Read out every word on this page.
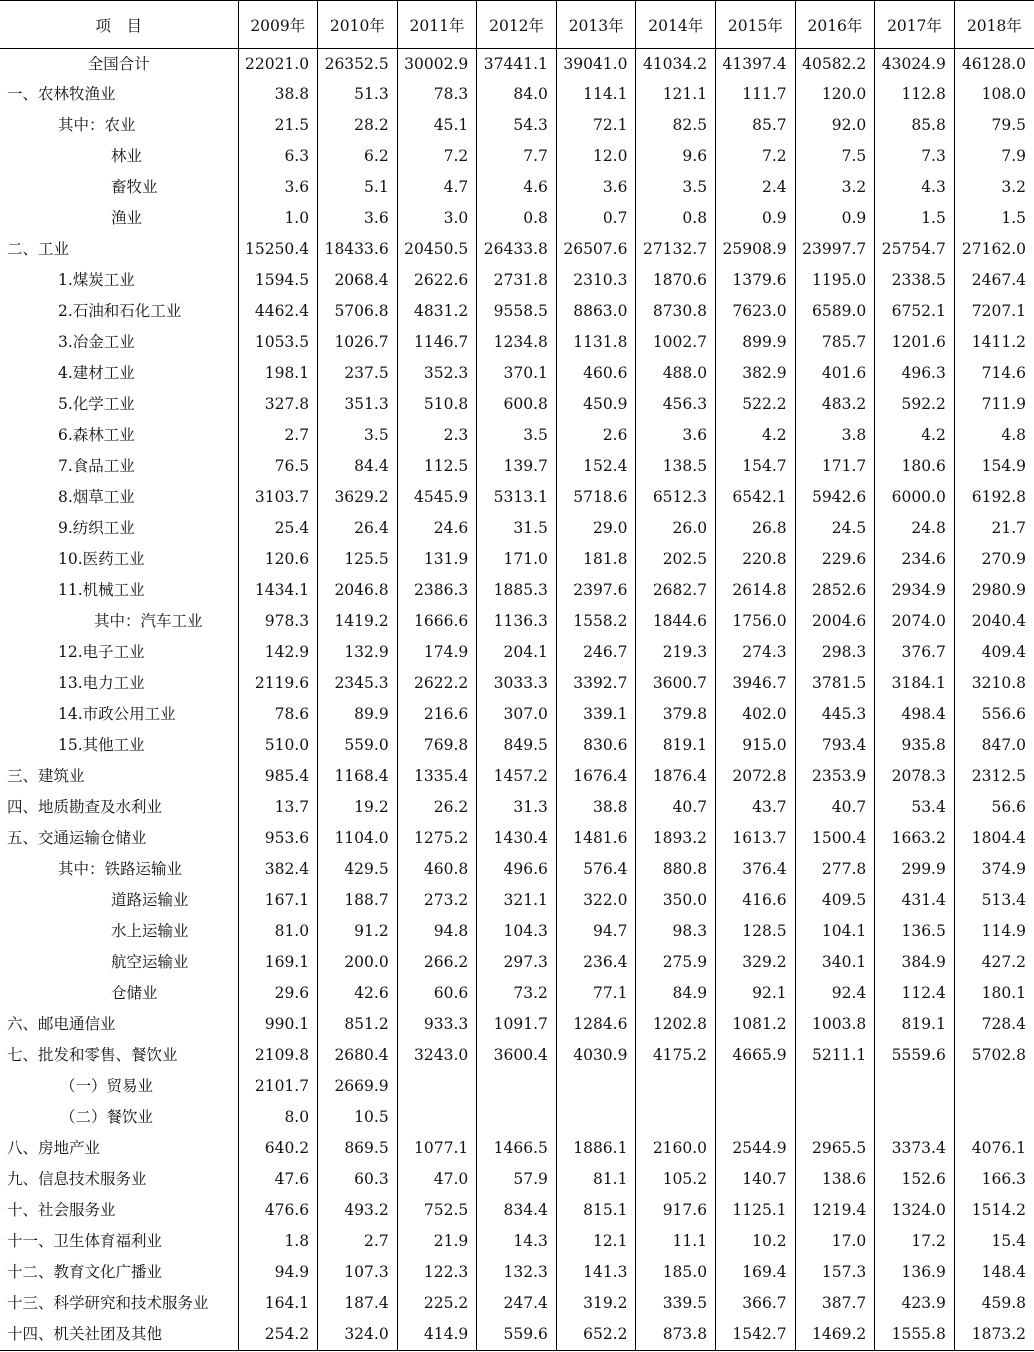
项　目	2009年	2010年	2011年	2012年	2013年	2014年	2015年	2016年	2017年	2018年
全国合计	22021.0	26352.5	30002.9	37441.1	39041.0	41034.2	41397.4	40582.2	43024.9	46128.0
一、农林牧渔业	38.8	51.3	78.3	84.0	114.1	121.1	111.7	120.0	112.8	108.0
其中：农业	21.5	28.2	45.1	54.3	72.1	82.5	85.7	92.0	85.8	79.5
林业	6.3	6.2	7.2	7.7	12.0	9.6	7.2	7.5	7.3	7.9
畜牧业	3.6	5.1	4.7	4.6	3.6	3.5	2.4	3.2	4.3	3.2
渔业	1.0	3.6	3.0	0.8	0.7	0.8	0.9	0.9	1.5	1.5
二、工业	15250.4	18433.6	20450.5	26433.8	26507.6	27132.7	25908.9	23997.7	25754.7	27162.0
1.煤炭工业	1594.5	2068.4	2622.6	2731.8	2310.3	1870.6	1379.6	1195.0	2338.5	2467.4
2.石油和石化工业	4462.4	5706.8	4831.2	9558.5	8863.0	8730.8	7623.0	6589.0	6752.1	7207.1
3.冶金工业	1053.5	1026.7	1146.7	1234.8	1131.8	1002.7	899.9	785.7	1201.6	1411.2
4.建材工业	198.1	237.5	352.3	370.1	460.6	488.0	382.9	401.6	496.3	714.6
5.化学工业	327.8	351.3	510.8	600.8	450.9	456.3	522.2	483.2	592.2	711.9
6.森林工业	2.7	3.5	2.3	3.5	2.6	3.6	4.2	3.8	4.2	4.8
7.食品工业	76.5	84.4	112.5	139.7	152.4	138.5	154.7	171.7	180.6	154.9
8.烟草工业	3103.7	3629.2	4545.9	5313.1	5718.6	6512.3	6542.1	5942.6	6000.0	6192.8
9.纺织工业	25.4	26.4	24.6	31.5	29.0	26.0	26.8	24.5	24.8	21.7
10.医药工业	120.6	125.5	131.9	171.0	181.8	202.5	220.8	229.6	234.6	270.9
11.机械工业	1434.1	2046.8	2386.3	1885.3	2397.6	2682.7	2614.8	2852.6	2934.9	2980.9
其中：汽车工业	978.3	1419.2	1666.6	1136.3	1558.2	1844.6	1756.0	2004.6	2074.0	2040.4
12.电子工业	142.9	132.9	174.9	204.1	246.7	219.3	274.3	298.3	376.7	409.4
13.电力工业	2119.6	2345.3	2622.2	3033.3	3392.7	3600.7	3946.7	3781.5	3184.1	3210.8
14.市政公用工业	78.6	89.9	216.6	307.0	339.1	379.8	402.0	445.3	498.4	556.6
15.其他工业	510.0	559.0	769.8	849.5	830.6	819.1	915.0	793.4	935.8	847.0
三、建筑业	985.4	1168.4	1335.4	1457.2	1676.4	1876.4	2072.8	2353.9	2078.3	2312.5
四、地质勘查及水利业	13.7	19.2	26.2	31.3	38.8	40.7	43.7	40.7	53.4	56.6
五、交通运输仓储业	953.6	1104.0	1275.2	1430.4	1481.6	1893.2	1613.7	1500.4	1663.2	1804.4
其中：铁路运输业	382.4	429.5	460.8	496.6	576.4	880.8	376.4	277.8	299.9	374.9
道路运输业	167.1	188.7	273.2	321.1	322.0	350.0	416.6	409.5	431.4	513.4
水上运输业	81.0	91.2	94.8	104.3	94.7	98.3	128.5	104.1	136.5	114.9
航空运输业	169.1	200.0	266.2	297.3	236.4	275.9	329.2	340.1	384.9	427.2
仓储业	29.6	42.6	60.6	73.2	77.1	84.9	92.1	92.4	112.4	180.1
六、邮电通信业	990.1	851.2	933.3	1091.7	1284.6	1202.8	1081.2	1003.8	819.1	728.4
七、批发和零售、餐饮业	2109.8	2680.4	3243.0	3600.4	4030.9	4175.2	4665.9	5211.1	5559.6	5702.8
（一）贸易业	2101.7	2669.9								
（二）餐饮业	8.0	10.5								
八、房地产业	640.2	869.5	1077.1	1466.5	1886.1	2160.0	2544.9	2965.5	3373.4	4076.1
九、信息技术服务业	47.6	60.3	47.0	57.9	81.1	105.2	140.7	138.6	152.6	166.3
十、社会服务业	476.6	493.2	752.5	834.4	815.1	917.6	1125.1	1219.4	1324.0	1514.2
十一、卫生体育福利业	1.8	2.7	21.9	14.3	12.1	11.1	10.2	17.0	17.2	15.4
十二、教育文化广播业	94.9	107.3	122.3	132.3	141.3	185.0	169.4	157.3	136.9	148.4
十三、科学研究和技术服务业	164.1	187.4	225.2	247.4	319.2	339.5	366.7	387.7	423.9	459.8
十四、机关社团及其他	254.2	324.0	414.9	559.6	652.2	873.8	1542.7	1469.2	1555.8	1873.2
